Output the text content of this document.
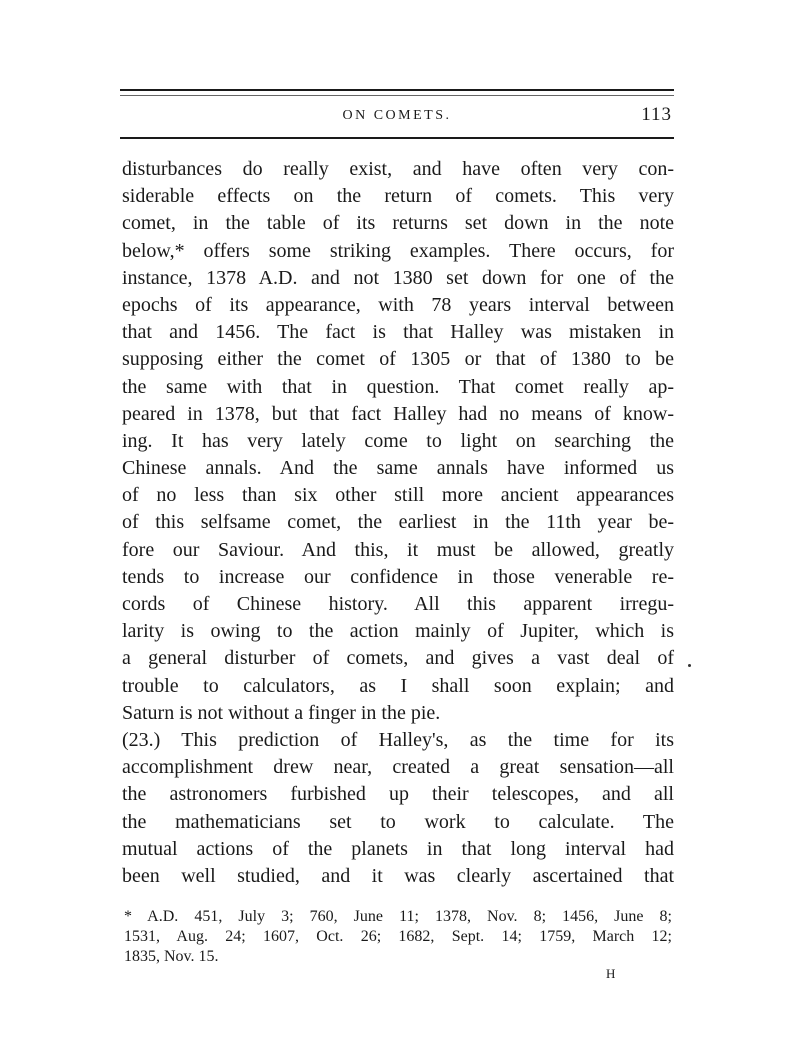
ON COMETS.	113
disturbances do really exist, and have often very con-
siderable effects on the return of comets. This very
comet, in the table of its returns set down in the note
below,* offers some striking examples. There occurs, for
instance, 1378 A.D. and not 1380 set down for one of the
epochs of its appearance, with 78 years interval between
that and 1456. The fact is that Halley was mistaken in
supposing either the comet of 1305 or that of 1380 to be
the same with that in question. That comet really ap-
peared in 1378, but that fact Halley had no means of know-
ing. It has very lately come to light on searching the
Chinese annals. And the same annals have informed us
of no less than six other still more ancient appearances
of this selfsame comet, the earliest in the 11th year be-
fore our Saviour. And this, it must be allowed, greatly
tends to increase our confidence in those venerable re-
cords of Chinese history. All this apparent irregu-
larity is owing to the action mainly of Jupiter, which is
a general disturber of comets, and gives a vast deal of
trouble to calculators, as I shall soon explain; and
Saturn is not without a finger in the pie.
(23.) This prediction of Halley's, as the time for its
accomplishment drew near, created a great sensation—all
the astronomers furbished up their telescopes, and all
the mathematicians set to work to calculate. The
mutual actions of the planets in that long interval had
been well studied, and it was clearly ascertained that
* A.D. 451, July 3; 760, June 11; 1378, Nov. 8; 1456, June 8;
1531, Aug. 24; 1607, Oct. 26; 1682, Sept. 14; 1759, March 12;
1835, Nov. 15.
H
